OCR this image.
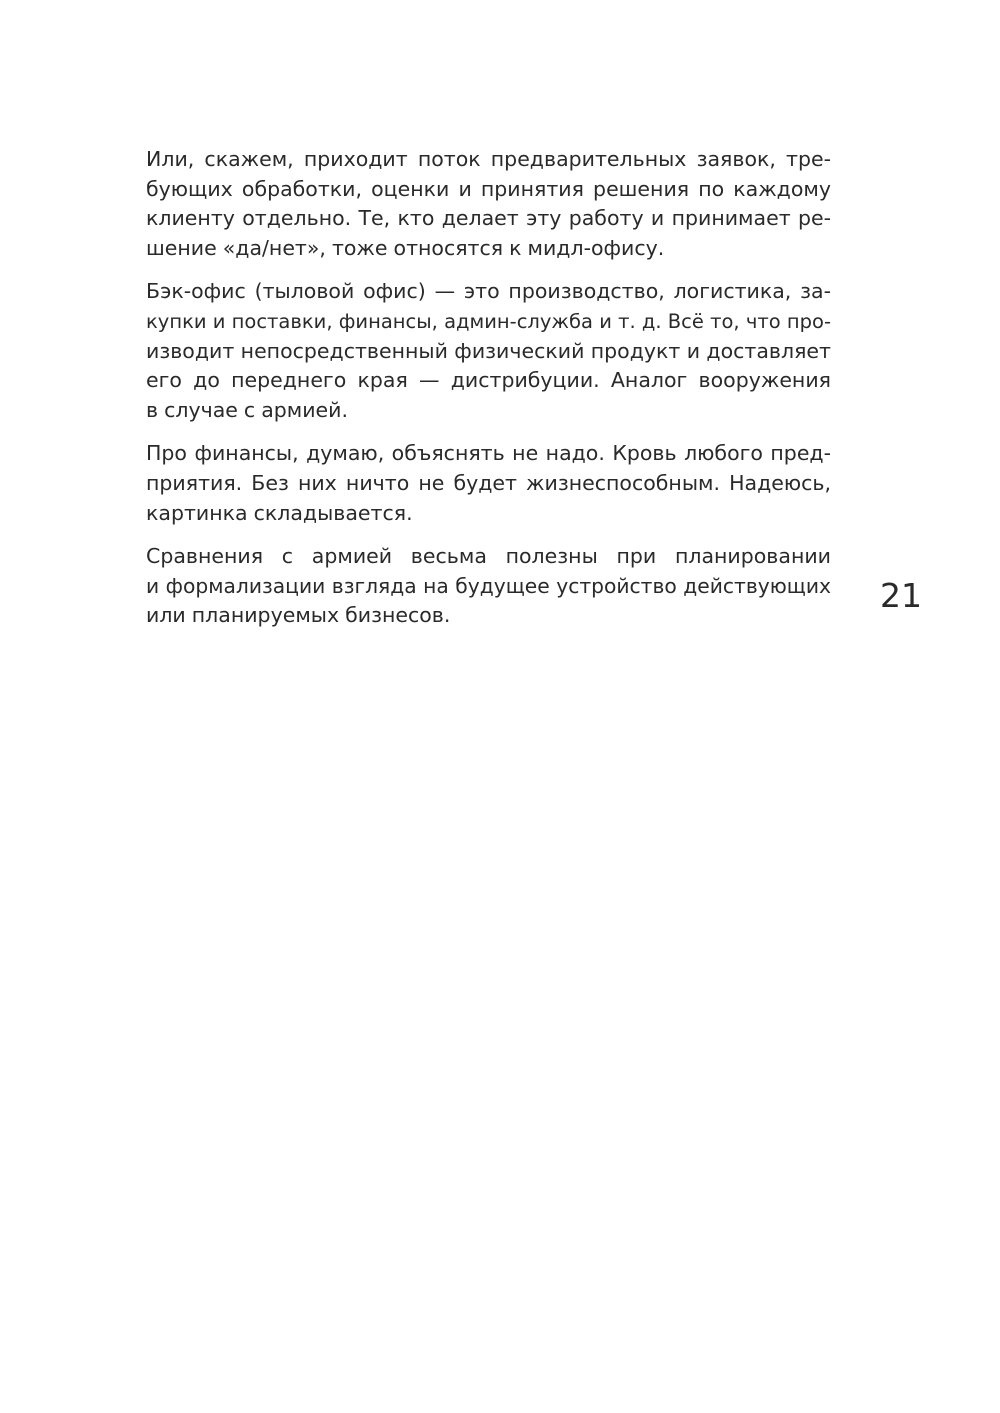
Или, скажем, приходит поток предварительных заявок, тре-
бующих обработки, оценки и принятия решения по каждому
клиенту отдельно. Те, кто делает эту работу и принимает ре-
шение «да/нет», тоже относятся к мидл-офису.

Бэк-офис (тыловой офис) — это производство, логистика, за-
купки и поставки, финансы, админ-служба и т. д. Всё то, что про-
изводит непосредственный физический продукт и доставляет
его до переднего края — дистрибуции. Аналог вооружения
в случае с армией.

Про финансы, думаю, объяснять не надо. Кровь любого пред-
приятия. Без них ничто не будет жизнеспособным. Надеюсь,
картинка складывается.

Сравнения с армией весьма полезны при планировании
и формализации взгляда на будущее устройство действующих
или планируемых бизнесов.

21
